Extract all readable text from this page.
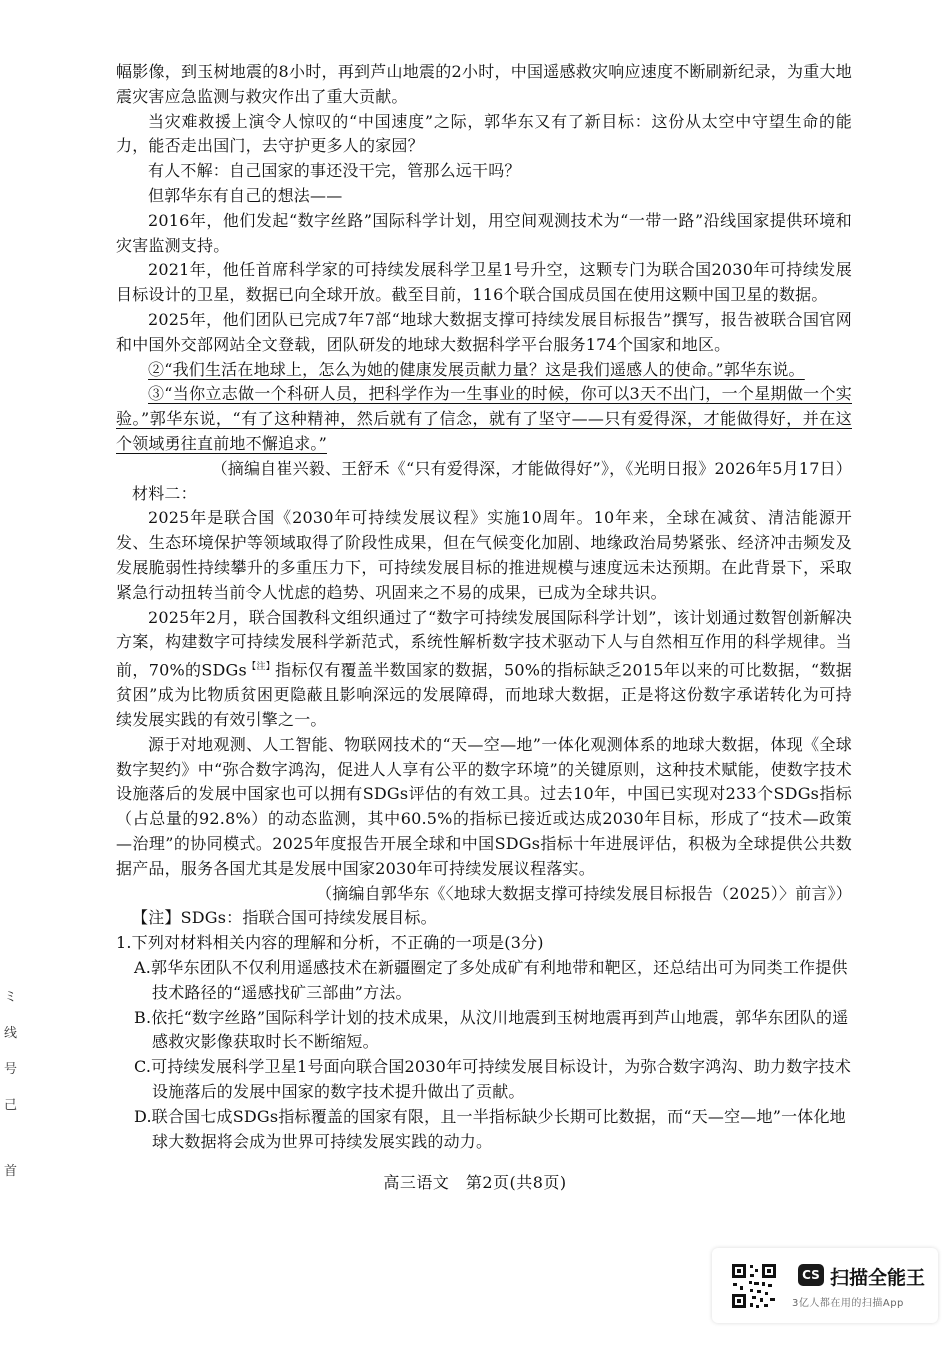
幅影像，到玉树地震的8小时，再到芦山地震的2小时，中国遥感救灾响应速度不断刷新纪录，为重大地震灾害应急监测与救灾作出了重大贡献。

当灾难救援上演令人惊叹的“中国速度”之际，郭华东又有了新目标：这份从太空中守望生命的能力，能否走出国门，去守护更多人的家园？

有人不解：自己国家的事还没干完，管那么远干吗？

但郭华东有自己的想法——

2016年，他们发起“数字丝路”国际科学计划，用空间观测技术为“一带一路”沿线国家提供环境和灾害监测支持。

2021年，他任首席科学家的可持续发展科学卫星1号升空，这颗专门为联合国2030年可持续发展目标设计的卫星，数据已向全球开放。截至目前，116个联合国成员国在使用这颗中国卫星的数据。

2025年，他们团队已完成7年7部“地球大数据支撑可持续发展目标报告”撰写，报告被联合国官网和中国外交部网站全文登载，团队研发的地球大数据科学平台服务174个国家和地区。

②“我们生活在地球上，怎么为她的健康发展贡献力量？这是我们遥感人的使命。”郭华东说。

③“当你立志做一个科研人员，把科学作为一生事业的时候，你可以3天不出门，一个星期做一个实验。”郭华东说，“有了这种精神，然后就有了信念，就有了坚守——只有爱得深，才能做得好，并在这个领域勇往直前地不懈追求。”

（摘编自崔兴毅、王舒禾《“只有爱得深，才能做得好”》，《光明日报》2026年5月17日）

材料二：

2025年是联合国《2030年可持续发展议程》实施10周年。10年来，全球在减贫、清洁能源开发、生态环境保护等领域取得了阶段性成果，但在气候变化加剧、地缘政治局势紧张、经济冲击频发及发展脆弱性持续攀升的多重压力下，可持续发展目标的推进规模与速度远未达预期。在此背景下，采取紧急行动扭转当前令人忧虑的趋势、巩固来之不易的成果，已成为全球共识。

2025年2月，联合国教科文组织通过了“数字可持续发展国际科学计划”，该计划通过数智创新解决方案，构建数字可持续发展科学新范式，系统性解析数字技术驱动下人与自然相互作用的科学规律。当前，70%的SDGs$^{【注】}$指标仅有覆盖半数国家的数据，50%的指标缺乏2015年以来的可比数据，“数据贫困”成为比物质贫困更隐蔽且影响深远的发展障碍，而地球大数据，正是将这份数字承诺转化为可持续发展实践的有效引擎之一。

源于对地观测、人工智能、物联网技术的“天—空—地”一体化观测体系的地球大数据，体现《全球数字契约》中“弥合数字鸿沟，促进人人享有公平的数字环境”的关键原则，这种技术赋能，使数字技术设施落后的发展中国家也可以拥有SDGs评估的有效工具。过去10年，中国已实现对233个SDGs指标（占总量的92.8%）的动态监测，其中60.5%的指标已接近或达成2030年目标，形成了“技术—政策—治理”的协同模式。2025年度报告开展全球和中国SDGs指标十年进展评估，积极为全球提供公共数据产品，服务各国尤其是发展中国家2030年可持续发展议程落实。

（摘编自郭华东《〈地球大数据支撑可持续发展目标报告（2025）〉前言》）

【注】SDGs：指联合国可持续发展目标。

1.下列对材料相关内容的理解和分析，不正确的一项是(3分)

A.郭华东团队不仅利用遥感技术在新疆圈定了多处成矿有利地带和靶区，还总结出可为同类工作提供技术路径的“遥感找矿三部曲”方法。

B.依托“数字丝路”国际科学计划的技术成果，从汶川地震到玉树地震再到芦山地震，郭华东团队的遥感救灾影像获取时长不断缩短。

C.可持续发展科学卫星1号面向联合国2030年可持续发展目标设计，为弥合数字鸿沟、助力数字技术设施落后的发展中国家的数字技术提升做出了贡献。

D.联合国七成SDGs指标覆盖的国家有限，且一半指标缺少长期可比数据，而“天—空—地”一体化地球大数据将会成为世界可持续发展实践的动力。

ミ
线
号
己
首
高三语文　第2页(共8页)
CS 扫描全能王
3亿人都在用的扫描App
